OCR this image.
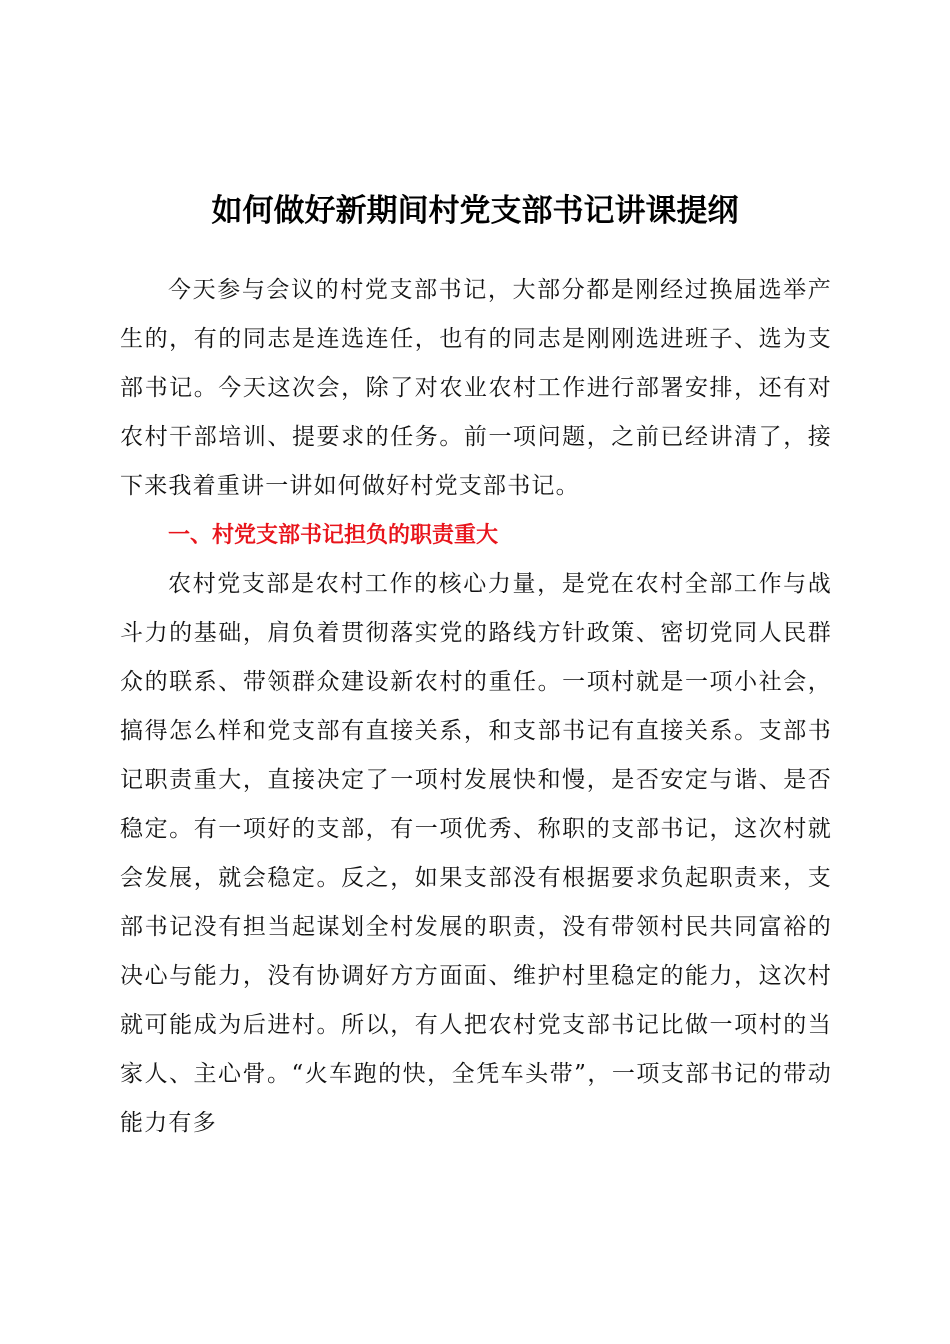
如何做好新期间村党支部书记讲课提纲

今天参与会议的村党支部书记，大部分都是刚经过换届选举产生的，有的同志是连选连任，也有的同志是刚刚选进班子、选为支部书记。今天这次会，除了对农业农村工作进行部署安排，还有对农村干部培训、提要求的任务。前一项问题，之前已经讲清了，接下来我着重讲一讲如何做好村党支部书记。

一、村党支部书记担负的职责重大

农村党支部是农村工作的核心力量，是党在农村全部工作与战斗力的基础，肩负着贯彻落实党的路线方针政策、密切党同人民群众的联系、带领群众建设新农村的重任。一项村就是一项小社会，搞得怎么样和党支部有直接关系，和支部书记有直接关系。支部书记职责重大，直接决定了一项村发展快和慢，是否安定与谐、是否稳定。有一项好的支部，有一项优秀、称职的支部书记，这次村就会发展，就会稳定。反之，如果支部没有根据要求负起职责来，支部书记没有担当起谋划全村发展的职责，没有带领村民共同富裕的决心与能力，没有协调好方方面面、维护村里稳定的能力，这次村就可能成为后进村。所以，有人把农村党支部书记比做一项村的当家人、主心骨。“火车跑的快，全凭车头带”，一项支部书记的带动能力有多
